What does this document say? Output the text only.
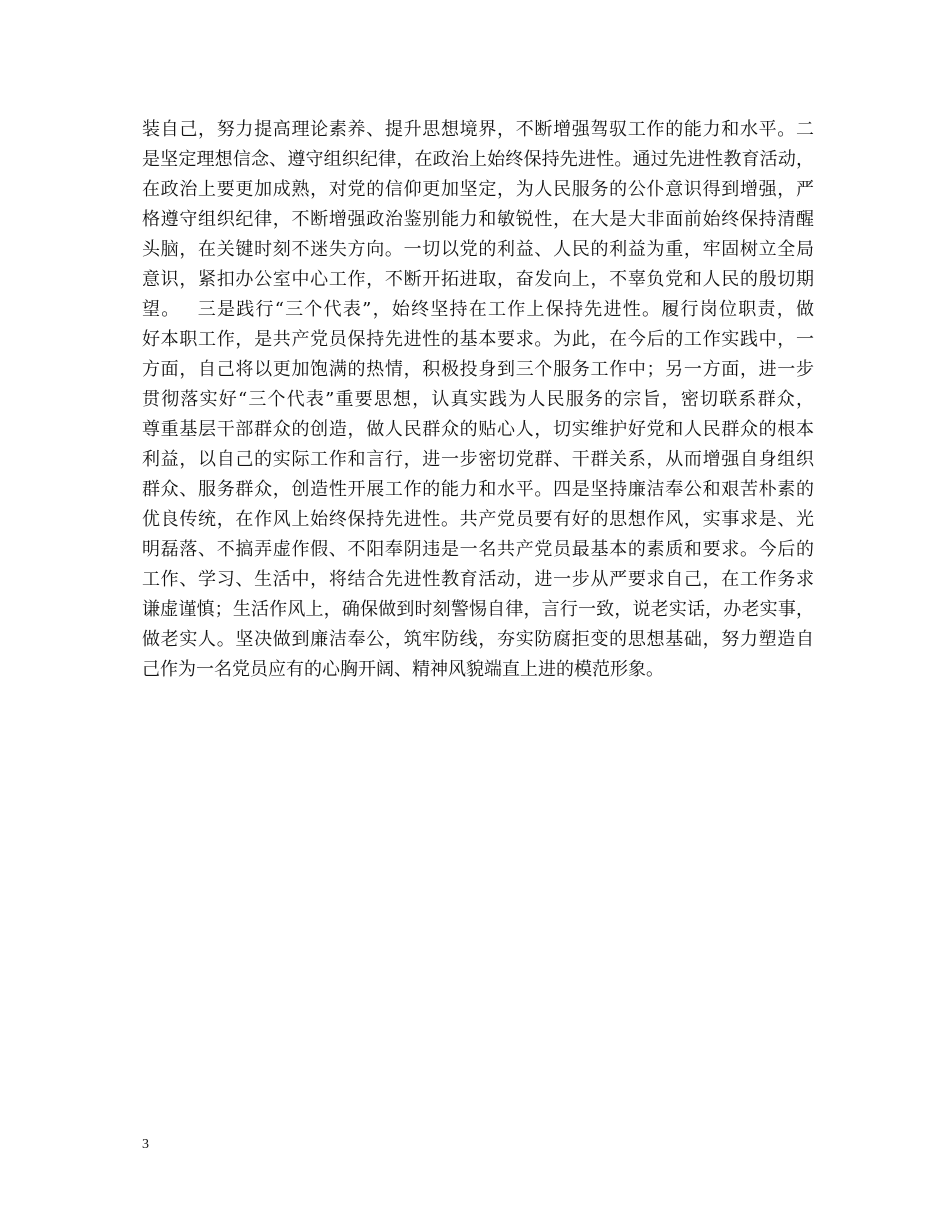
装自己，努力提高理论素养、提升思想境界，不断增强驾驭工作的能力和水平。二
是坚定理想信念、遵守组织纪律，在政治上始终保持先进性。通过先进性教育活动，
在政治上要更加成熟，对党的信仰更加坚定，为人民服务的公仆意识得到增强，严
格遵守组织纪律，不断增强政治鉴别能力和敏锐性，在大是大非面前始终保持清醒
头脑，在关键时刻不迷失方向。一切以党的利益、人民的利益为重，牢固树立全局
意识，紧扣办公室中心工作，不断开拓进取，奋发向上，不辜负党和人民的殷切期
望。　 三是践行“三个代表”，始终坚持在工作上保持先进性。履行岗位职责，做
好本职工作，是共产党员保持先进性的基本要求。为此，在今后的工作实践中，一
方面，自己将以更加饱满的热情，积极投身到三个服务工作中；另一方面，进一步
贯彻落实好“三个代表”重要思想，认真实践为人民服务的宗旨，密切联系群众，
尊重基层干部群众的创造，做人民群众的贴心人，切实维护好党和人民群众的根本
利益，以自己的实际工作和言行，进一步密切党群、干群关系，从而增强自身组织
群众、服务群众，创造性开展工作的能力和水平。四是坚持廉洁奉公和艰苦朴素的
优良传统，在作风上始终保持先进性。共产党员要有好的思想作风，实事求是、光
明磊落、不搞弄虚作假、不阳奉阴违是一名共产党员最基本的素质和要求。今后的
工作、学习、生活中，将结合先进性教育活动，进一步从严要求自己，在工作务求
谦虚谨慎；生活作风上，确保做到时刻警惕自律，言行一致，说老实话，办老实事，
做老实人。坚决做到廉洁奉公，筑牢防线，夯实防腐拒变的思想基础，努力塑造自
己作为一名党员应有的心胸开阔、精神风貌端直上进的模范形象。
3
